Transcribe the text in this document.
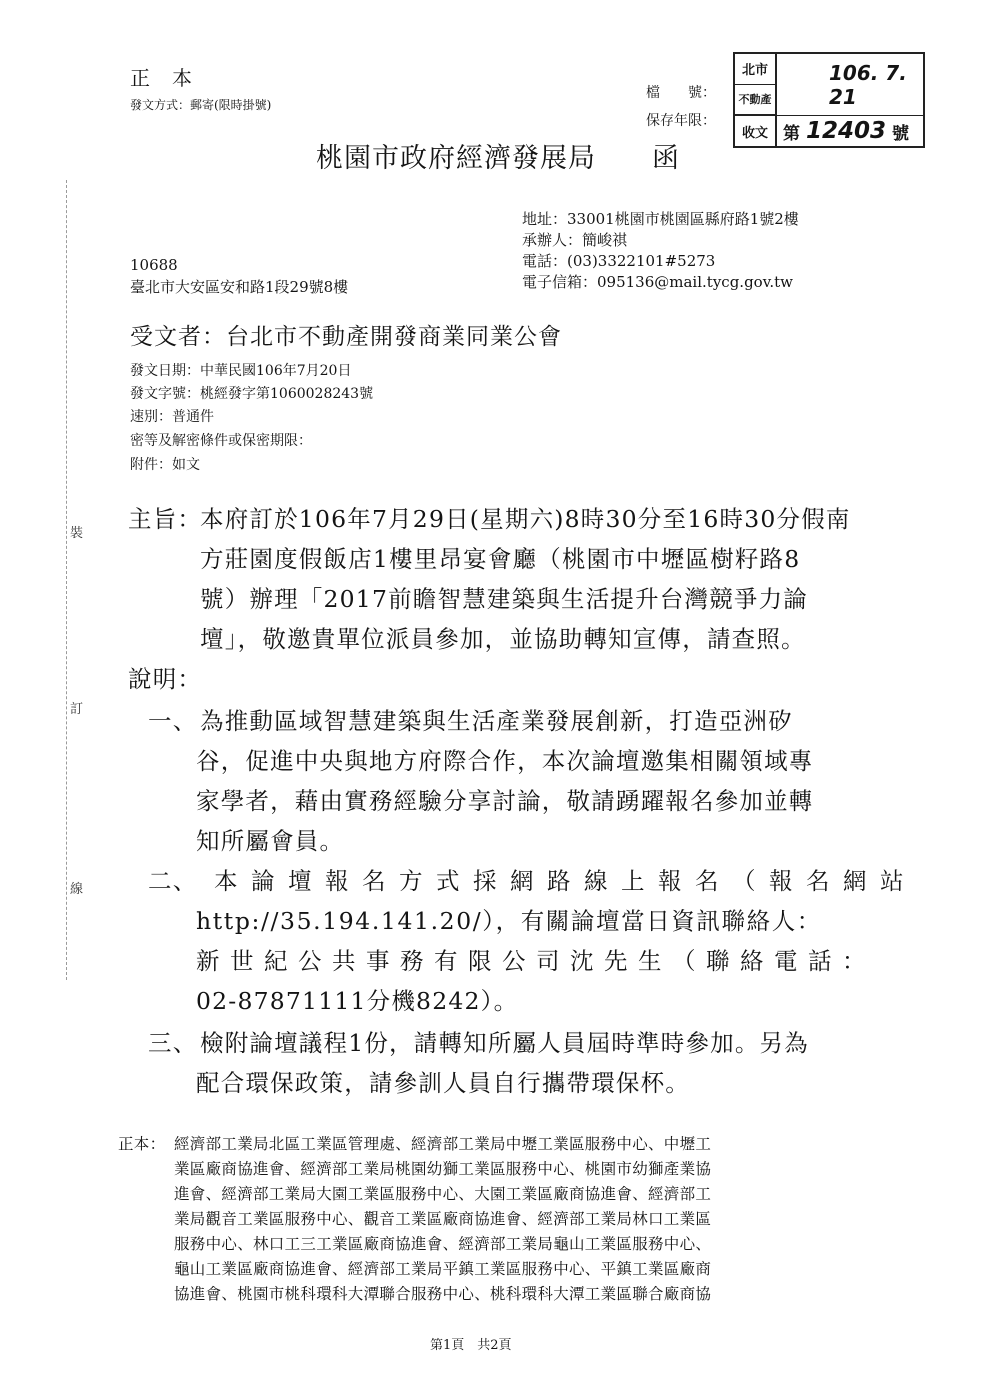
正　本
發文方式：郵寄(限時掛號)
檔　　號：
保存年限：
北市	106. 7. 21
不動產
收文 第 12403 號
桃園市政府經濟發展局　　函
地址：33001桃園市桃園區縣府路1號2樓
承辦人：簡峻祺
電話：(03)3322101#5273
電子信箱：095136@mail.tycg.gov.tw
10688
臺北市大安區安和路1段29號8樓
受文者：台北市不動產開發商業同業公會
發文日期：中華民國106年7月20日
發文字號：桃經發字第1060028243號
速別：普通件
密等及解密條件或保密期限：
附件：如文
裝
訂
線
主旨：
本府訂於106年7月29日(星期六)8時30分至16時30分假南
方莊園度假飯店1樓里昂宴會廳（桃園市中壢區樹籽路8
號）辦理「2017前瞻智慧建築與生活提升台灣競爭力論
壇」，敬邀貴單位派員參加，並協助轉知宣傳，請查照。
說明：
一、 為推動區域智慧建築與生活產業發展創新，打造亞洲矽
谷，促進中央與地方府際合作，本次論壇邀集相關領域專
家學者，藉由實務經驗分享討論，敬請踴躍報名參加並轉
知所屬會員。
二、 本論壇報名方式採網路線上報名（報名網站
http://35.194.141.20/），有關論壇當日資訊聯絡人：
新世紀公共事務有限公司沈先生（聯絡電話：
02-87871111分機8242）。
三、 檢附論壇議程1份，請轉知所屬人員屆時準時參加。另為
配合環保政策，請參訓人員自行攜帶環保杯。
正本： 經濟部工業局北區工業區管理處、經濟部工業局中壢工業區服務中心、中壢工
業區廠商協進會、經濟部工業局桃園幼獅工業區服務中心、桃園市幼獅產業協
進會、經濟部工業局大園工業區服務中心、大園工業區廠商協進會、經濟部工
業局觀音工業區服務中心、觀音工業區廠商協進會、經濟部工業局林口工業區
服務中心、林口工三工業區廠商協進會、經濟部工業局龜山工業區服務中心、
龜山工業區廠商協進會、經濟部工業局平鎮工業區服務中心、平鎮工業區廠商
協進會、桃園市桃科環科大潭聯合服務中心、桃科環科大潭工業區聯合廠商協
第1頁　共2頁
